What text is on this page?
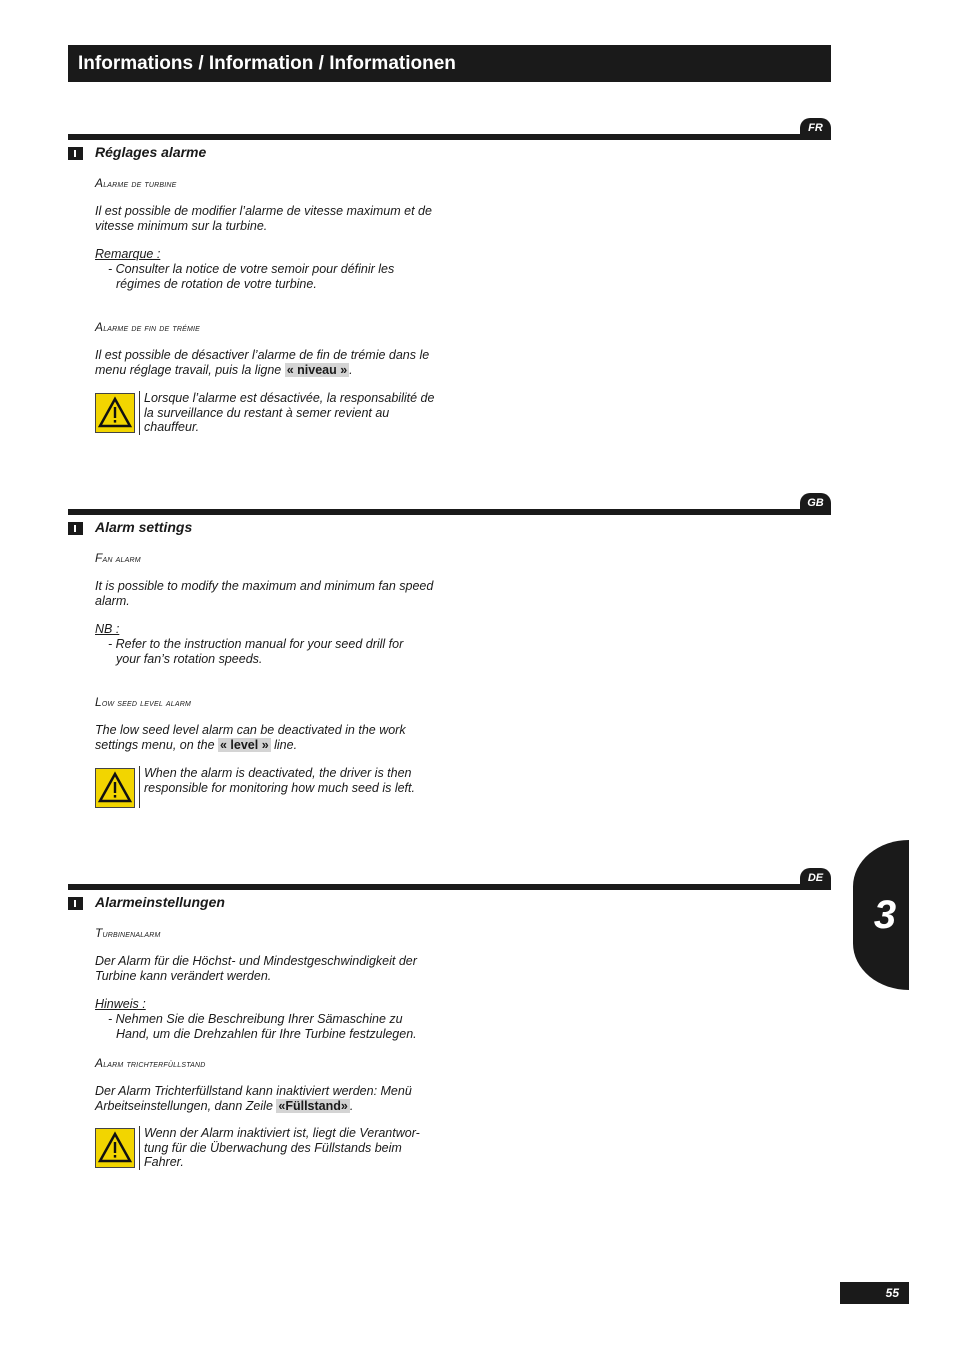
Informations / Information / Informationen
FR
Réglages alarme
Alarme de turbine
Il est possible de modifier l’alarme de vitesse maximum et de vitesse minimum sur la turbine.
Remarque :
- Consulter la notice de votre semoir pour définir les
régimes de rotation de votre turbine.
Alarme de fin de trémie
Il est possible de désactiver l’alarme de fin de trémie dans le menu réglage travail, puis la ligne « niveau » .
Lorsque l’alarme est désactivée, la responsabilité de la surveillance du restant à semer revient au chauffeur.
GB
Alarm settings
Fan alarm
It is possible to modify the maximum and minimum fan speed alarm.
NB :
- Refer to the instruction manual for your seed drill for
your fan’s rotation speeds.
Low seed level alarm
The low seed level alarm can be deactivated in the work settings menu, on the « level » line.
When the alarm is deactivated, the driver is then responsible for monitoring how much seed is left.
DE
Alarmeinstellungen
Turbinenalarm
Der Alarm für die Höchst- und Mindestgeschwindigkeit der Turbine kann verändert werden.
Hinweis :
- Nehmen Sie die Beschreibung Ihrer Sämaschine zu
Hand, um die Drehzahlen für Ihre Turbine festzulegen.
Alarm trichterfüllstand
Der Alarm Trichterfüllstand kann inaktiviert werden: Menü Arbeitseinstellungen, dann Zeile «Füllstand» .
Wenn der Alarm inaktiviert ist, liegt die Verantwor-tung für die Überwachung des Füllstands beim Fahrer.
3
55
